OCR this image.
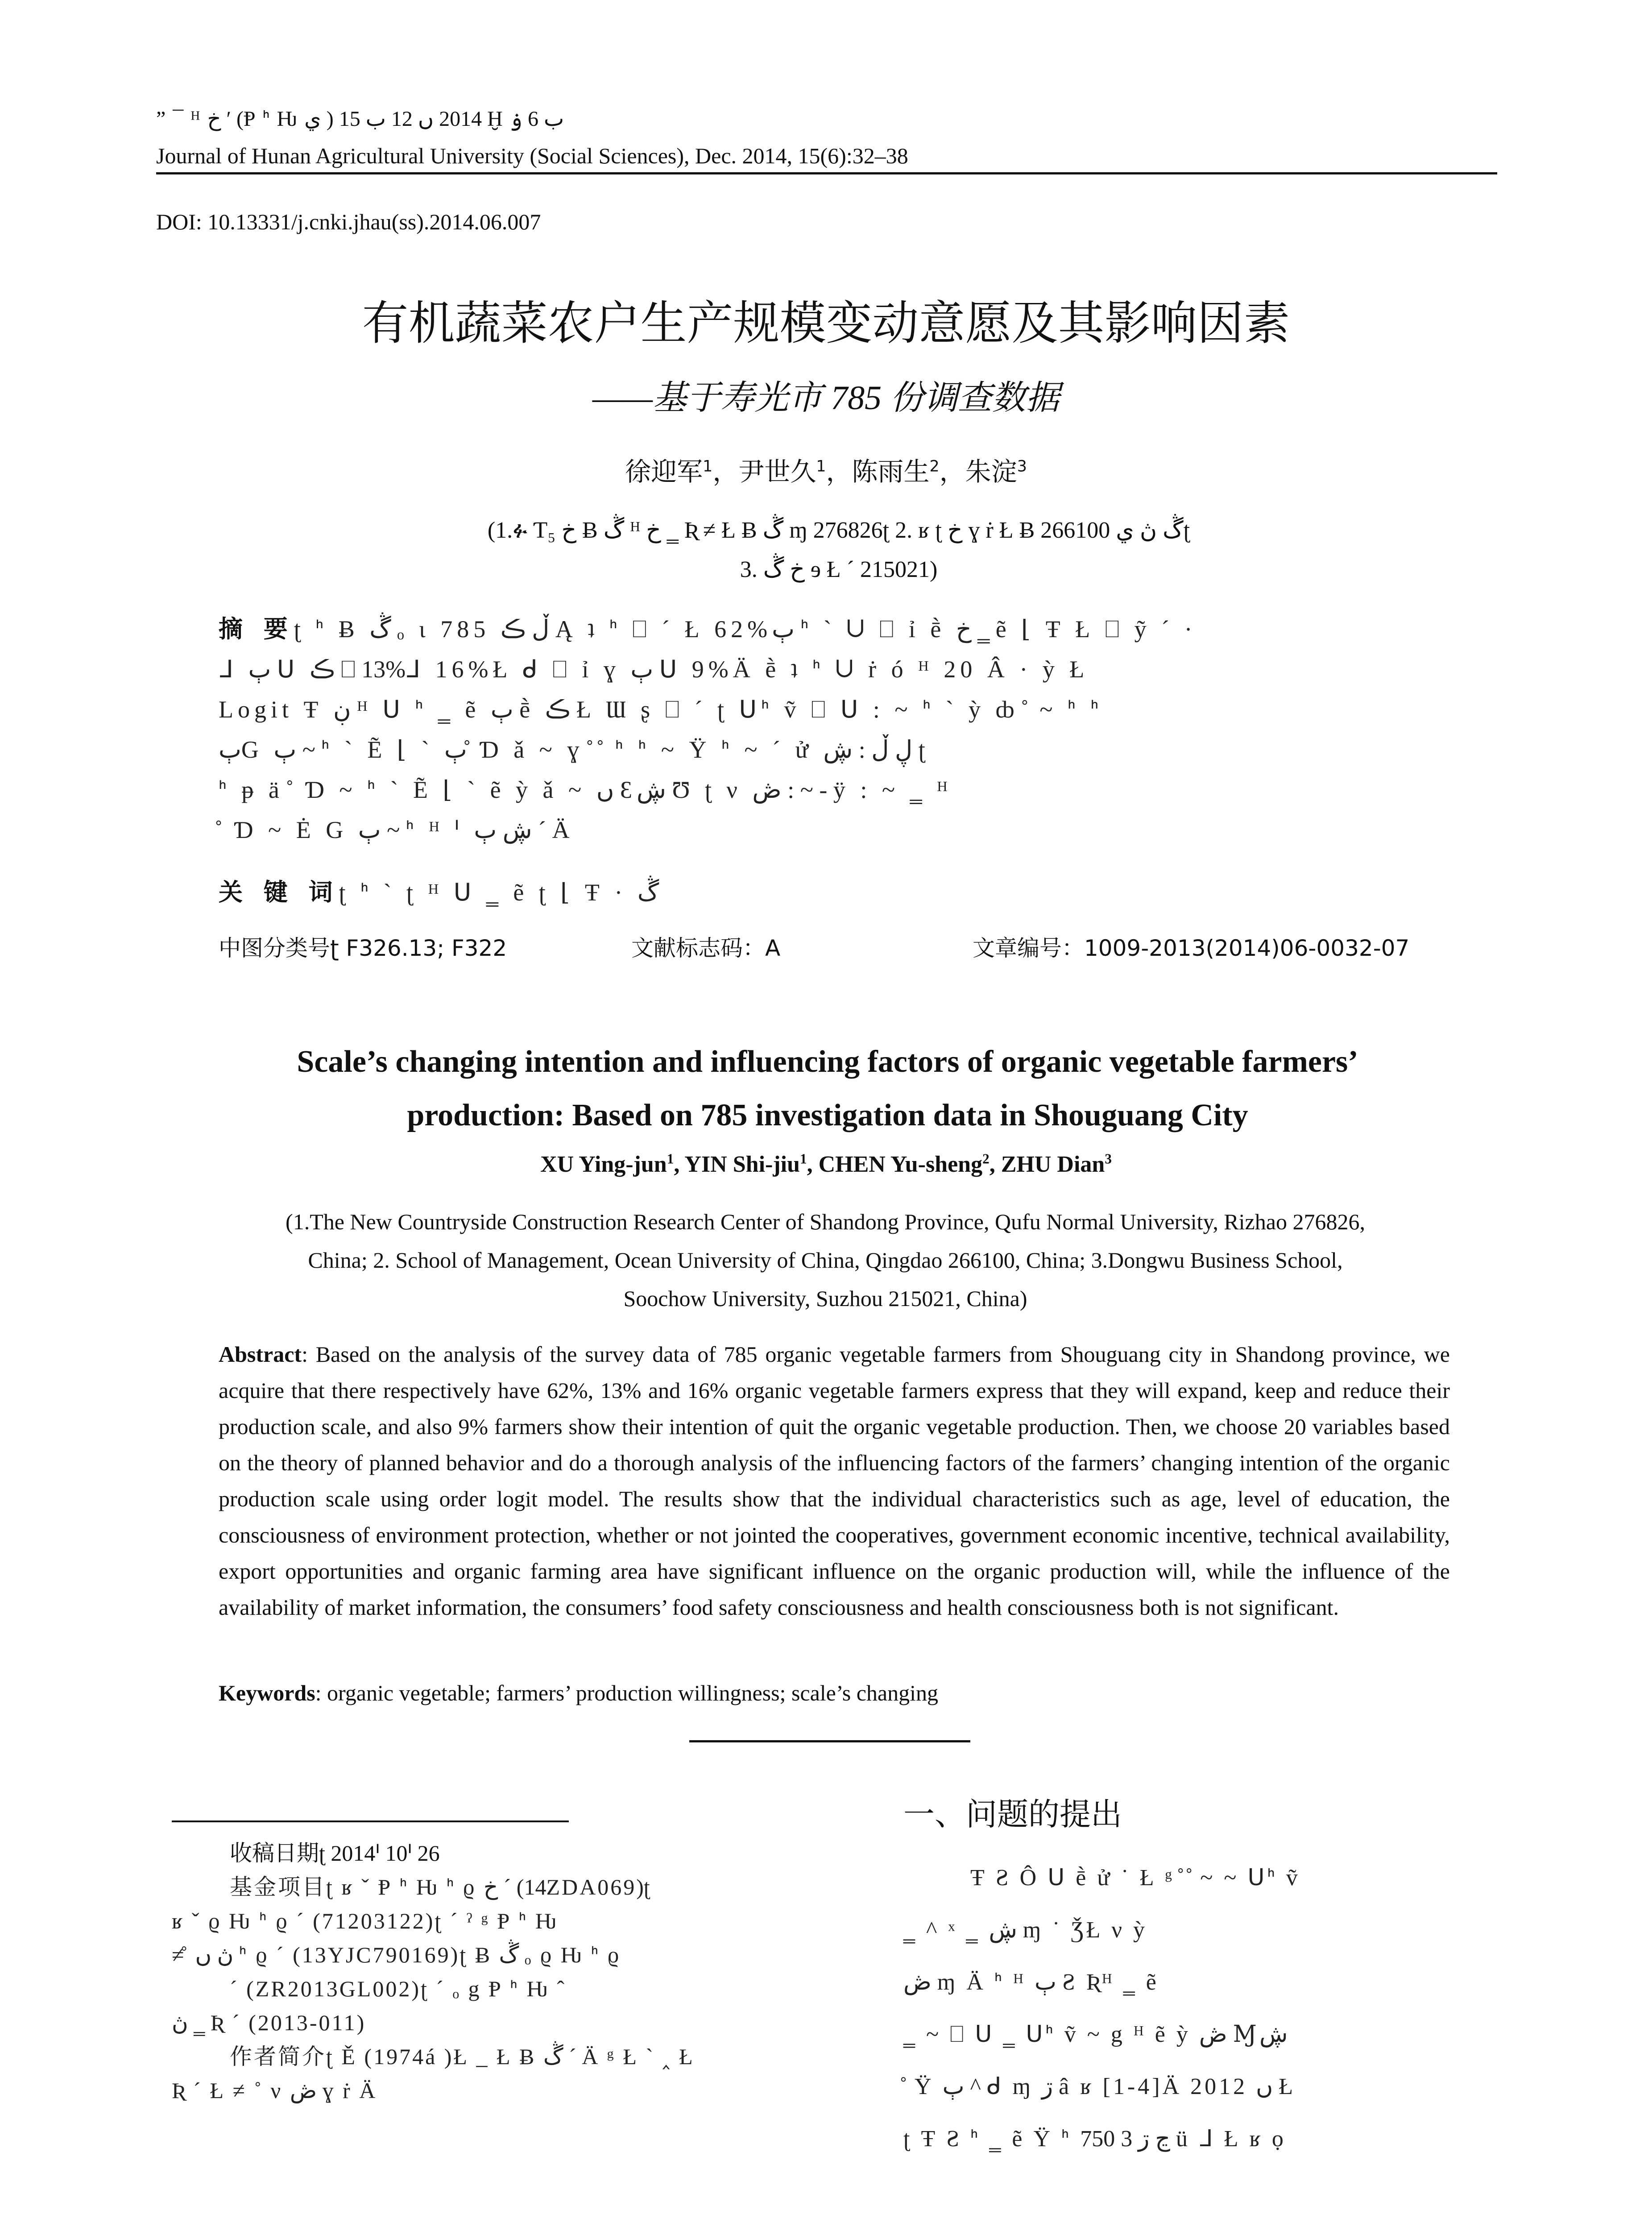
” ¯ ᴴ خ ʹ (Ᵽ ᑋ Ƕ ي ) 2014 ں 12 ب 15 Ḫ ب 6 ۏ
Journal of Hunan Agricultural University (Social Sciences), Dec. 2014, 15(6):32–38
DOI: 10.13331/j.cnki.jhau(ss).2014.06.007
有机蔬菜农户生产规模变动意愿及其影响因素
——基于寿光市 785 份调查数据
徐迎军$^1$，尹世久$^1$，陈雨生$^2$，朱淀$^3$
(1.ፉ Ƭ₅ خ Ƀ ڴ ᴴ خ ‗ Ʀ ≠ Ł Ƀ ڴ ɱ 276826ʈ 2. ʁ ʈ خ ɣ ṙ Ł Ƀ ڴ ڽ ي 266100ʈ
3. خ ڴ ɘ Ł ˊ 215021)
摘 要ʈ ᑋ Ƀ ڴ ₒ ɩ 785 ڵ ڪ Ą ʇ ᑋ ⎕ ˊ Ł 62%ٻ ᑋ ˋ ᑌ ⎕ ỉ ḕ خ ‗ ẽ ⌊ Ŧ Ł ⎕ ỹ ˊ ·
ᒧ ٻ ᑌ ڪ ⎕ 13%ᒧ 16%Ł ᑯ ⎕ ỉ ɣ ٻ ᑌ 9%Ä ḕ ʇ ᑋ ᑌ ṙ ó ᴴ 20 Â · ỳ Ł
Logit Ŧ ڹ ᴴ ᑌ ᑋ ‗ ẽ ٻ ḕ ڪ Ł Ɯ ʂ ⎕ ˊ ʈ ᑌᑋ ṽ ⎕ ᑌ : ~ ᑋ ˋ ỳ ȸ ̊ ~ ᑋ ᑋ
ٻG ٻ ~ ᑋ ˋ Ẽ ⌊ ˋ ٻ ̊ Ɗ ǎ ~ ɣ ̊ ̊ ᑋ ᑋ ~ Ÿ ᑋ ~ ˊ ử ڸ ڵ : ڜ ʈ
ᑋ ᵽ ä ̊ Ɗ ~ ᑋ ˋ Ẽ ⌊ ˋ ẽ ỳ ǎ ~ ں Ɛڜ Ʊ ʈ ν ڞ : ~ - ÿ : ~ ‗ ᴴ
̊ Ɗ ~ Ė G ٻ ~ ᑋ ᴴ ᑊ ڜ ٻ ˊ Ä
关 键 词ʈ ᑋ ˋ ʈ ᴴ ᑌ ‗ ẽ ʈ ⌊ Ŧ · ڴ
中图分类号ʈ F326.13; F322	文献标志码：A	文章编号：1009-2013(2014)06-0032-07
Scale’s changing intention and influencing factors of organic vegetable farmers’
production: Based on 785 investigation data in Shouguang City
XU Ying-jun$^1$, YIN Shi-jiu$^1$, CHEN Yu-sheng$^2$, ZHU Dian$^3$
(1.The New Countryside Construction Research Center of Shandong Province, Qufu Normal University, Rizhao 276826,
China; 2. School of Management, Ocean University of China, Qingdao 266100, China; 3.Dongwu Business School,
Soochow University, Suzhou 215021, China)
Abstract: Based on the analysis of the survey data of 785 organic vegetable farmers from Shouguang city in Shandong province, we acquire that there respectively have 62%, 13% and 16% organic vegetable farmers express that they will expand, keep and reduce their production scale, and also 9% farmers show their intention of quit the organic vegetable production. Then, we choose 20 variables based on the theory of planned behavior and do a thorough analysis of the influencing factors of the farmers’ changing intention of the organic production scale using order logit model. The results show that the individual characteristics such as age, level of education, the consciousness of environment protection, whether or not jointed the cooperatives, government economic incentive, technical availability, export opportunities and organic farming area have significant influence on the organic production will, while the influence of the availability of market information, the consumers’ food safety consciousness and health consciousness both is not significant.
Keywords: organic vegetable; farmers’ production willingness; scale’s changing
收稿日期ʈ 2014ᑊ 10ᑊ 26
基金项目ʈ ʁ ˇ Ᵽ ᑋ Ƕ ᑋ ϱ خ ˊ (14ZDA069)ʈ
ʁ ˇ ϱ Ƕ ᑋ ϱ ˊ (71203122)ʈ ˊ ˀ ᵍ Ᵽ ᑋ Ƕ
≠ ̊ ڽ ں ᑋ ϱ ˊ (13YJC790169)ʈ Ƀ ڴ ₒ ϱ Ƕ ᑋ ϱ
ˊ (ZR2013GL002)ʈ ˊ ₒ g Ᵽ ᑋ Ƕ ˆ
ڽ ‗ Ʀ ˊ (2013-011)
作者简介ʈ Ě (1974á )Ł _ Ł Ƀ ڴ ˊ Ä ᵍ Ł ˋ ‸ Ł
Ʀ ˊ Ł ≠ ˚ ν ڞ ɣ ṙ Ä
一、问题的提出
Ŧ Ƨ Ô ᑌ ḕ ử ˙ Ł ᵍ ̊ ̊ ~ ~ ᑌᑋ ṽ
‗ ^ ˣ ‗ ڜ ɱ ˙ ǮŁ ν ỳ
ڞ ɱ Ä ᑋ ᴴ ٻ Ƨ Ʀᴴ ‗ ẽ
‗ ~ ⎕ ᑌ ‗ ᑌᑋ ṽ ~ g ᴴ ẽ ỳ ڞ Ɱڜ
̊ Ÿ ٻ ^ ᑯ ɱ ڗ â ʁ [1-4]Ä 2012 ں Ł
ʈ Ŧ Ƨ ᑋ ‗ ẽ Ÿ ᑋ ڃ ڗ 3 750 ü ᒧ Ł ʁ ọ
